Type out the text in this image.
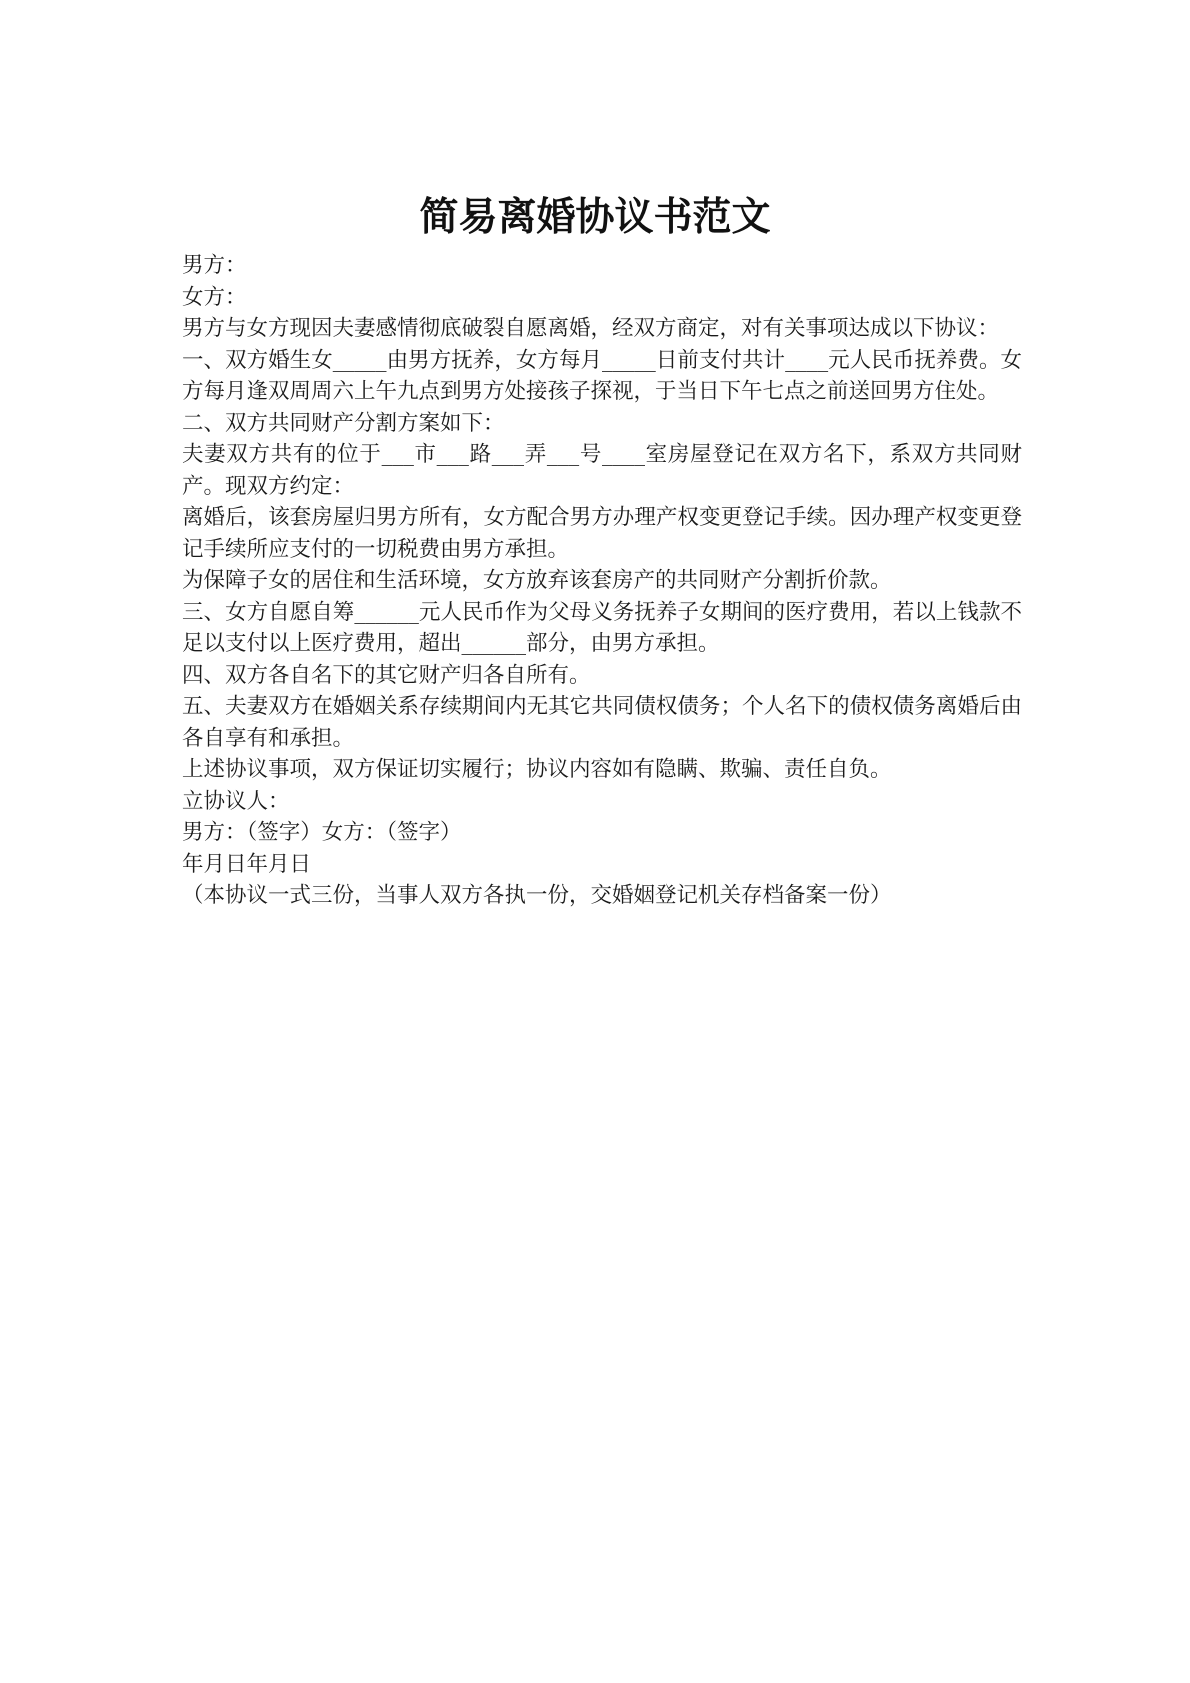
简易离婚协议书范文

男方：

女方：

男方与女方现因夫妻感情彻底破裂自愿离婚，经双方商定，对有关事项达成以下协议：

一、双方婚生女_____由男方抚养，女方每月_____日前支付共计____元人民币抚养费。女方每月逢双周周六上午九点到男方处接孩子探视，于当日下午七点之前送回男方住处。

二、双方共同财产分割方案如下：

夫妻双方共有的位于___市___路___弄___号____室房屋登记在双方名下，系双方共同财产。现双方约定：

离婚后，该套房屋归男方所有，女方配合男方办理产权变更登记手续。因办理产权变更登记手续所应支付的一切税费由男方承担。

为保障子女的居住和生活环境，女方放弃该套房产的共同财产分割折价款。

三、女方自愿自筹______元人民币作为父母义务抚养子女期间的医疗费用，若以上钱款不足以支付以上医疗费用，超出______部分，由男方承担。

四、双方各自名下的其它财产归各自所有。

五、夫妻双方在婚姻关系存续期间内无其它共同债权债务；个人名下的债权债务离婚后由各自享有和承担。

上述协议事项，双方保证切实履行；协议内容如有隐瞒、欺骗、责任自负。

立协议人：

男方：（签字）女方：（签字）

年月日年月日

（本协议一式三份，当事人双方各执一份，交婚姻登记机关存档备案一份）
